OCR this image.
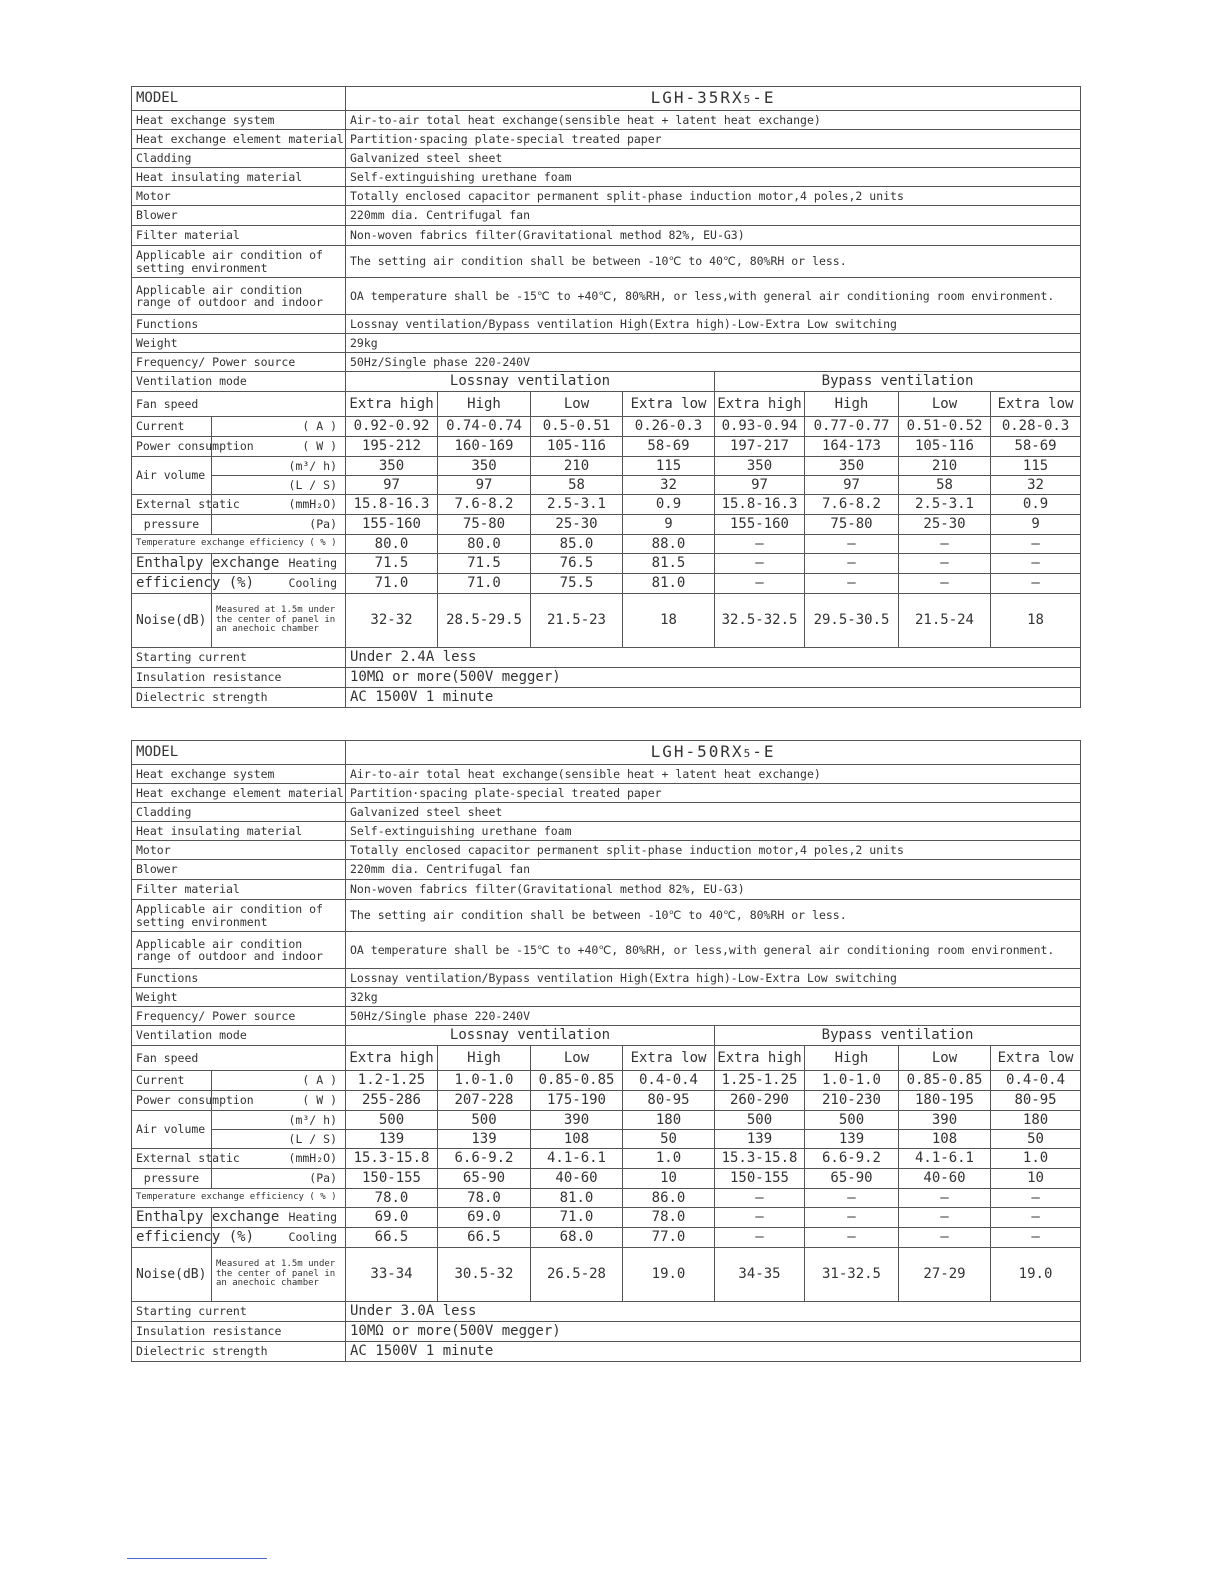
MODEL		LGH-35RX5-E							
Heat exchange system		Air-to-air total heat exchange(sensible heat + latent heat exchange)							
Heat exchange element material		Partition·spacing plate-special treated paper							
Cladding		Galvanized steel sheet							
Heat insulating material		Self-extinguishing urethane foam							
Motor		Totally enclosed capacitor permanent split-phase induction motor,4 poles,2 units							
Blower		220mm dia. Centrifugal fan							
Filter material		Non-woven fabrics filter(Gravitational method 82%, EU-G3)							
Applicable air condition of setting environment		The setting air condition shall be between -10℃ to 40℃, 80%RH or less.							
Applicable air condition range of outdoor and indoor		OA temperature shall be -15℃ to +40℃, 80%RH, or less,with general air conditioning room environment.							
Functions		Lossnay ventilation/Bypass ventilation High(Extra high)-Low-Extra Low switching							
Weight		29kg							
Frequency/ Power source		50Hz/Single phase 220-240V							
Ventilation mode		Lossnay ventilation				Bypass ventilation			
Fan speed		Extra high	High	Low	Extra low	Extra high	High	Low	Extra low
Current	( A )	0.92-0.92	0.74-0.74	0.5-0.51	0.26-0.3	0.93-0.94	0.77-0.77	0.51-0.52	0.28-0.3
Power consumption	( W )	195-212	160-169	105-116	58-69	197-217	164-173	105-116	58-69
Air volume	(m³/ h)	350	350	210	115	350	350	210	115
	(L / S)	97	97	58	32	97	97	58	32
External static	(mmH₂O)	15.8-16.3	7.6-8.2	2.5-3.1	0.9	15.8-16.3	7.6-8.2	2.5-3.1	0.9
pressure	(Pa)	155-160	75-80	25-30	9	155-160	75-80	25-30	9
Temperature exchange efficiency ( % )		80.0	80.0	85.0	88.0	—	—	—	—
Enthalpy exchange	Heating	71.5	71.5	76.5	81.5	—	—	—	—
efficiency (%)	Cooling	71.0	71.0	75.5	81.0	—	—	—	—
Noise(dB)	Measured at 1.5m under the center of panel in an anechoic chamber	32-32	28.5-29.5	21.5-23	18	32.5-32.5	29.5-30.5	21.5-24	18
Starting current		Under 2.4A less							
Insulation resistance		10MΩ or more(500V megger)							
Dielectric strength		AC 1500V 1 minute							
MODEL		LGH-50RX5-E							
Heat exchange system		Air-to-air total heat exchange(sensible heat + latent heat exchange)							
Heat exchange element material		Partition·spacing plate-special treated paper							
Cladding		Galvanized steel sheet							
Heat insulating material		Self-extinguishing urethane foam							
Motor		Totally enclosed capacitor permanent split-phase induction motor,4 poles,2 units							
Blower		220mm dia. Centrifugal fan							
Filter material		Non-woven fabrics filter(Gravitational method 82%, EU-G3)							
Applicable air condition of setting environment		The setting air condition shall be between -10℃ to 40℃, 80%RH or less.							
Applicable air condition range of outdoor and indoor		OA temperature shall be -15℃ to +40℃, 80%RH, or less,with general air conditioning room environment.							
Functions		Lossnay ventilation/Bypass ventilation High(Extra high)-Low-Extra Low switching							
Weight		32kg							
Frequency/ Power source		50Hz/Single phase 220-240V							
Ventilation mode		Lossnay ventilation				Bypass ventilation			
Fan speed		Extra high	High	Low	Extra low	Extra high	High	Low	Extra low
Current	( A )	1.2-1.25	1.0-1.0	0.85-0.85	0.4-0.4	1.25-1.25	1.0-1.0	0.85-0.85	0.4-0.4
Power consumption	( W )	255-286	207-228	175-190	80-95	260-290	210-230	180-195	80-95
Air volume	(m³/ h)	500	500	390	180	500	500	390	180
	(L / S)	139	139	108	50	139	139	108	50
External static	(mmH₂O)	15.3-15.8	6.6-9.2	4.1-6.1	1.0	15.3-15.8	6.6-9.2	4.1-6.1	1.0
pressure	(Pa)	150-155	65-90	40-60	10	150-155	65-90	40-60	10
Temperature exchange efficiency ( % )		78.0	78.0	81.0	86.0	—	—	—	—
Enthalpy exchange	Heating	69.0	69.0	71.0	78.0	—	—	—	—
efficiency (%)	Cooling	66.5	66.5	68.0	77.0	—	—	—	—
Noise(dB)	Measured at 1.5m under the center of panel in an anechoic chamber	33-34	30.5-32	26.5-28	19.0	34-35	31-32.5	27-29	19.0
Starting current		Under 3.0A less							
Insulation resistance		10MΩ or more(500V megger)							
Dielectric strength		AC 1500V 1 minute							
